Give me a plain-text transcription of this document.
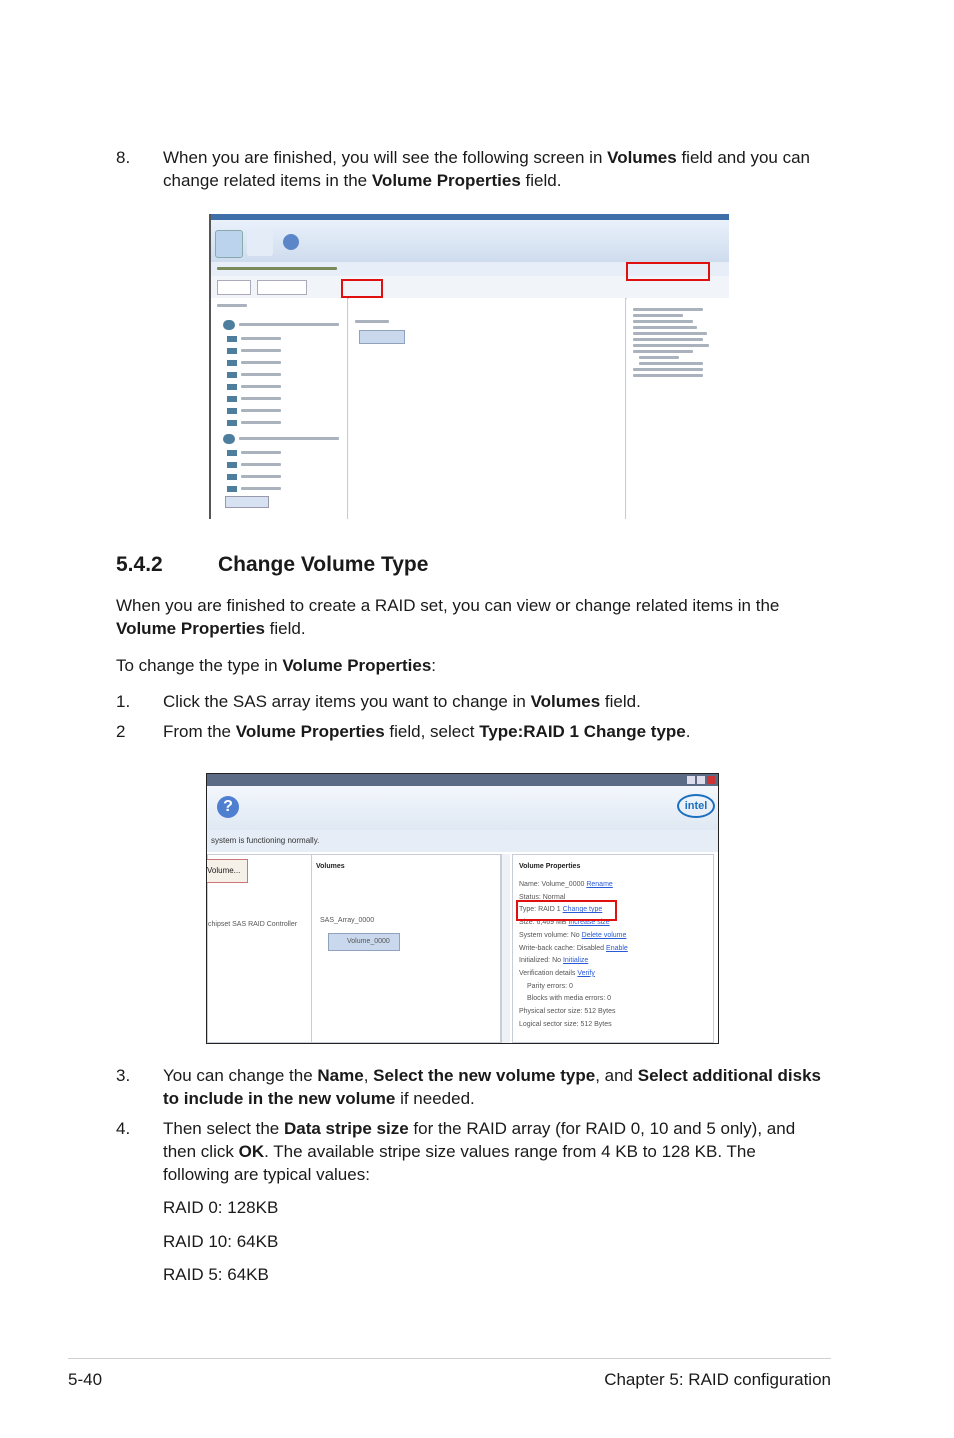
8. When you are finished, you will see the following screen in Volumes field and you can change related items in the Volume Properties field.
5.4.2	Change Volume Type
When you are finished to create a RAID set, you can view or change related items in the Volume Properties field.
To change the type in Volume Properties:
1. Click the SAS array items you want to change in Volumes field.
2 From the Volume Properties field, select Type:RAID 1 Change type.
?	intel
system is functioning normally.
Volume...
chipset SAS RAID Controller
Volumes
SAS_Array_0000
Volume_0000
Volume Properties
Name: Volume_0000 Rename
Status: Normal
Type: RAID 1 Change type
Size: 6,469 MB Increase size
System volume: No Delete volume
Write-back cache: Disabled Enable
Initialized: No Initialize
Verification details Verify
Parity errors: 0
Blocks with media errors: 0
Physical sector size: 512 Bytes
Logical sector size: 512 Bytes
3. You can change the Name, Select the new volume type, and Select additional disks to include in the new volume if needed.
4. Then select the Data stripe size for the RAID array (for RAID 0, 10 and 5 only), and then click OK. The available stripe size values range from 4 KB to 128 KB. The following are typical values:
RAID 0: 128KB
RAID 10: 64KB
RAID 5: 64KB
5-40	Chapter 5: RAID configuration
